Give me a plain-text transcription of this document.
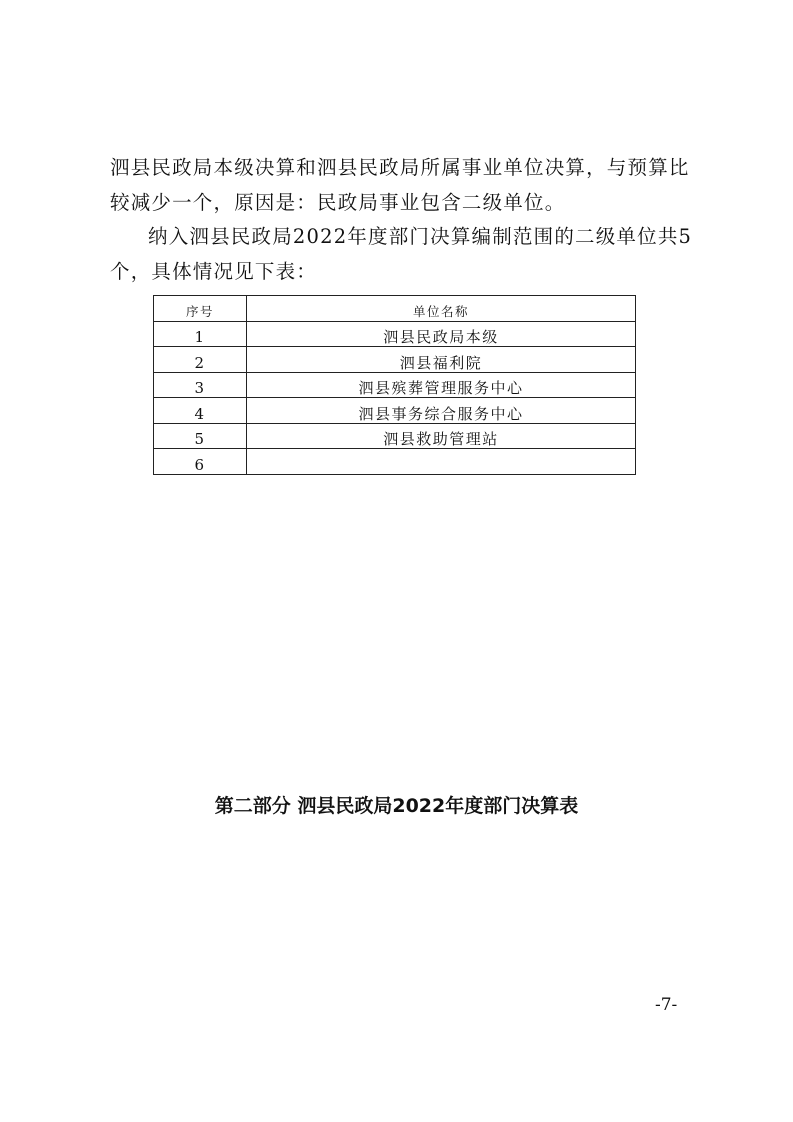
泗县民政局本级决算和泗县民政局所属事业单位决算，与预算比较减少一个，原因是：民政局事业包含二级单位。

纳入泗县民政局2022年度部门决算编制范围的二级单位共5个，具体情况见下表：

序号	单位名称
1	泗县民政局本级
2	泗县福利院
3	泗县殡葬管理服务中心
4	泗县事务综合服务中心
5	泗县救助管理站
6	

第二部分 泗县民政局2022年度部门决算表

-7-
